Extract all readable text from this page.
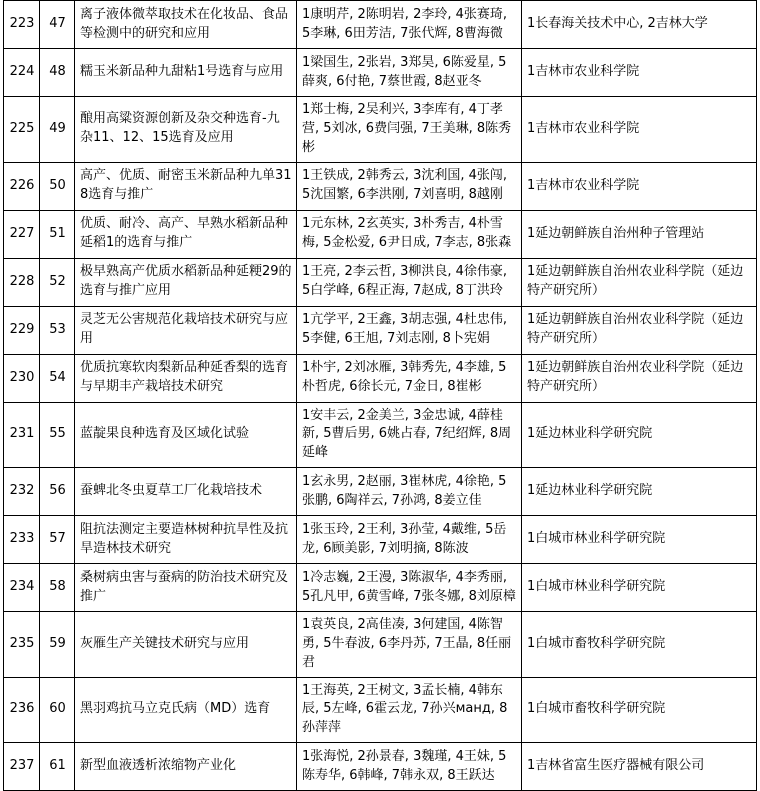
223	47	离子液体微萃取技术在化妆品、食品等检测中的研究和应用	1康明芹, 2陈明岩, 2李玲, 4张赛琦, 5李琳, 6田芳洁, 7张代辉, 8曹海微	1长春海关技术中心, 2吉林大学
224	48	糯玉米新品种九甜粘1号选育与应用	1梁国生, 2张岩, 3郑昊, 6陈爱星, 5薛爽, 6付艳, 7蔡世霞, 8赵亚冬	1吉林市农业科学院
225	49	酿用高粱资源创新及杂交种选育-九杂11、12、15选育及应用	1郑士梅, 2吴利兴, 3李库有, 4丁孝营, 5刘冰, 6费闫强, 7王美琳, 8陈秀彬	1吉林市农业科学院
226	50	高产、优质、耐密玉米新品种九单318选育与推广	1王铁成, 2韩秀云, 3沈利国, 4张闯, 5沈国繁, 6李洪刚, 7刘喜明, 8越刚	1吉林市农业科学院
227	51	优质、耐冷、高产、早熟水稻新品种延稻1的选育与推广	1元东林, 2玄英实, 3朴秀吉, 4朴雪梅, 5金松爱, 6尹日成, 7李志, 8张森	1延边朝鲜族自治州种子管理站
228	52	极早熟高产优质水稻新品种延粳29的选育与推广应用	1王亮, 2李云哲, 3柳洪良, 4徐伟豪, 5白学峰, 6程正海, 7赵成, 8丁洪玲	1延边朝鲜族自治州农业科学院（延边特产研究所）
229	53	灵芝无公害规范化栽培技术研究与应用	1亢学平, 2王鑫, 3胡志强, 4杜忠伟, 5李健, 6王旭, 7刘志刚, 8卜宪娟	1延边朝鲜族自治州农业科学院（延边特产研究所）
230	54	优质抗寒软肉梨新品种延香梨的选育与早期丰产栽培技术研究	1朴宇, 2刘冰雁, 3韩秀先, 4李雄, 5朴哲虎, 6徐长元, 7金日, 8崔彬	1延边朝鲜族自治州农业科学院（延边特产研究所）
231	55	蓝靛果良种选育及区域化试验	1安丰云, 2金美兰, 3金忠诚, 4薛桂新, 5曹后男, 6姚占春, 7纪绍辉, 8周延峰	1延边林业科学研究院
232	56	蚕蜱北冬虫夏草工厂化栽培技术	1玄永男, 2赵丽, 3崔林虎, 4徐艳, 5 张鹏, 6陶祥云, 7孙鸿, 8姜立佳	1延边林业科学研究院
233	57	阻抗法测定主要造林树种抗旱性及抗旱造林技术研究	1张玉玲, 2王利, 3孙莹, 4戴维, 5岳龙, 6顾美影, 7刘明摘, 8陈波	1白城市林业科学研究院
234	58	桑树病虫害与蚕病的防治技术研究及推广	1冷志巍, 2王漫, 3陈淑华, 4李秀丽, 5孔凡甲, 6黄雪峰, 7张冬娜, 8刘原樟	1白城市林业科学研究院
235	59	灰雁生产关键技术研究与应用	1袁英良, 2高佳凑, 3何建国, 4陈智勇, 5牛春波, 6李丹苏, 7王晶, 8任丽君	1白城市畜牧科学研究院
236	60	黑羽鸡抗马立克氏病（MD）选育	1王海英, 2王树文, 3孟长楠, 4韩东辰, 5左峰, 6霍云龙, 7孙兴манд, 8孙萍萍	1白城市畜牧科学研究院
237	61	新型血液透析浓缩物产业化	1张海悦, 2孙景春, 3魏瑾, 4王妹, 5陈寿华, 6韩峰, 7韩永双, 8王跃达	1吉林省富生医疗器械有限公司
